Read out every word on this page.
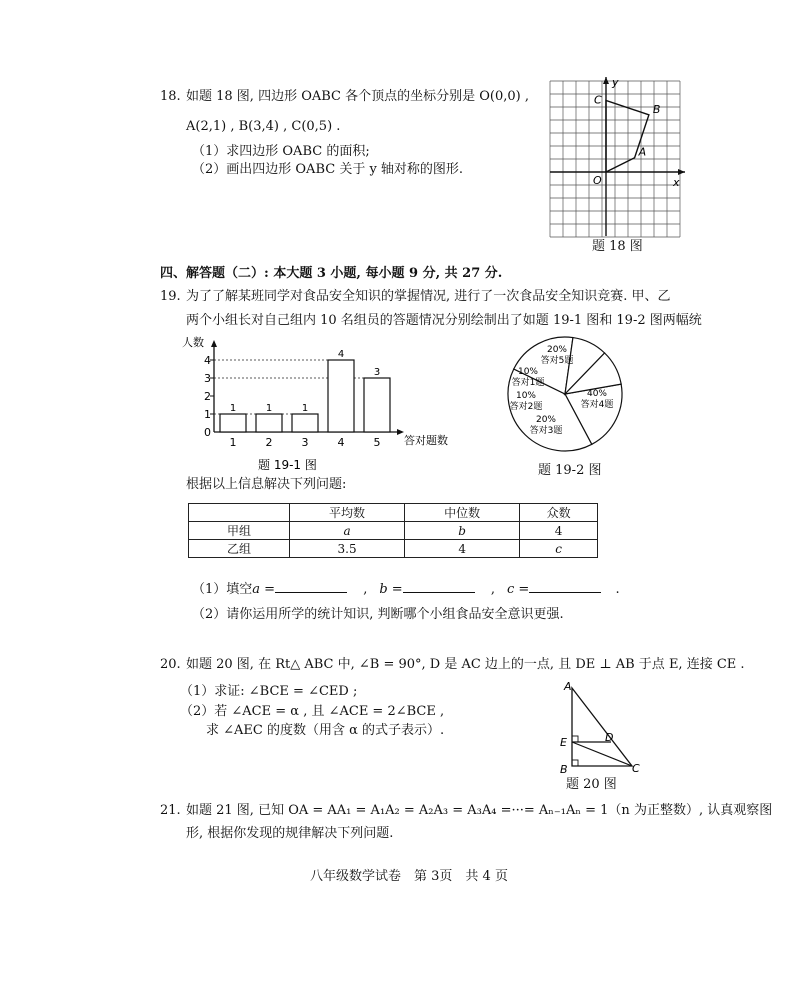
18. 如题 18 图, 四边形 OABC 各个顶点的坐标分别是 O(0,0) ,
A(2,1) , B(3,4) , C(0,5) .
（1）求四边形 OABC 的面积;
（2）画出四边形 OABC 关于 y 轴对称的图形.
y
x
O
A
B
C
题 18 图
四、解答题（二）: 本大题 3 小题, 每小题 9 分, 共 27 分.
19. 为了了解某班同学对食品安全知识的掌握情况, 进行了一次食品安全知识竞赛. 甲、乙
两个小组长对自己组内 10 名组员的答题情况分别绘制出了如题 19-1 图和 19-2 图两幅统
人数
答对题数
0
1
2
3
4
1
1
1
2
1
3
4
4
3
5
题 19-1 图
20%
答对5题
40%
答对4题
20%
答对3题
10%
答对2题
10%
答对1题
题 19-2 图
根据以上信息解决下列问题:
	平均数	中位数	众数
甲组	a	b	4
乙组	3.5	4	c
（1）填空a =	, b =	, c =	.
（2）请你运用所学的统计知识, 判断哪个小组食品安全意识更强.
20. 如题 20 图, 在 Rt△ ABC 中, ∠B = 90°, D 是 AC 边上的一点, 且 DE ⊥ AB 于点 E, 连接 CE .
（1）求证: ∠BCE = ∠CED ;
（2）若 ∠ACE = α , 且 ∠ACE = 2∠BCE ,
求 ∠AEC 的度数（用含 α 的式子表示）.
A
E	D
B	C
题 20 图
21. 如题 21 图, 已知 OA = AA₁ = A₁A₂ = A₂A₃ = A₃A₄ =···= Aₙ₋₁Aₙ = 1（n 为正整数）, 认真观察图
形, 根据你发现的规律解决下列问题.
八年级数学试卷　第 3页　共 4 页
